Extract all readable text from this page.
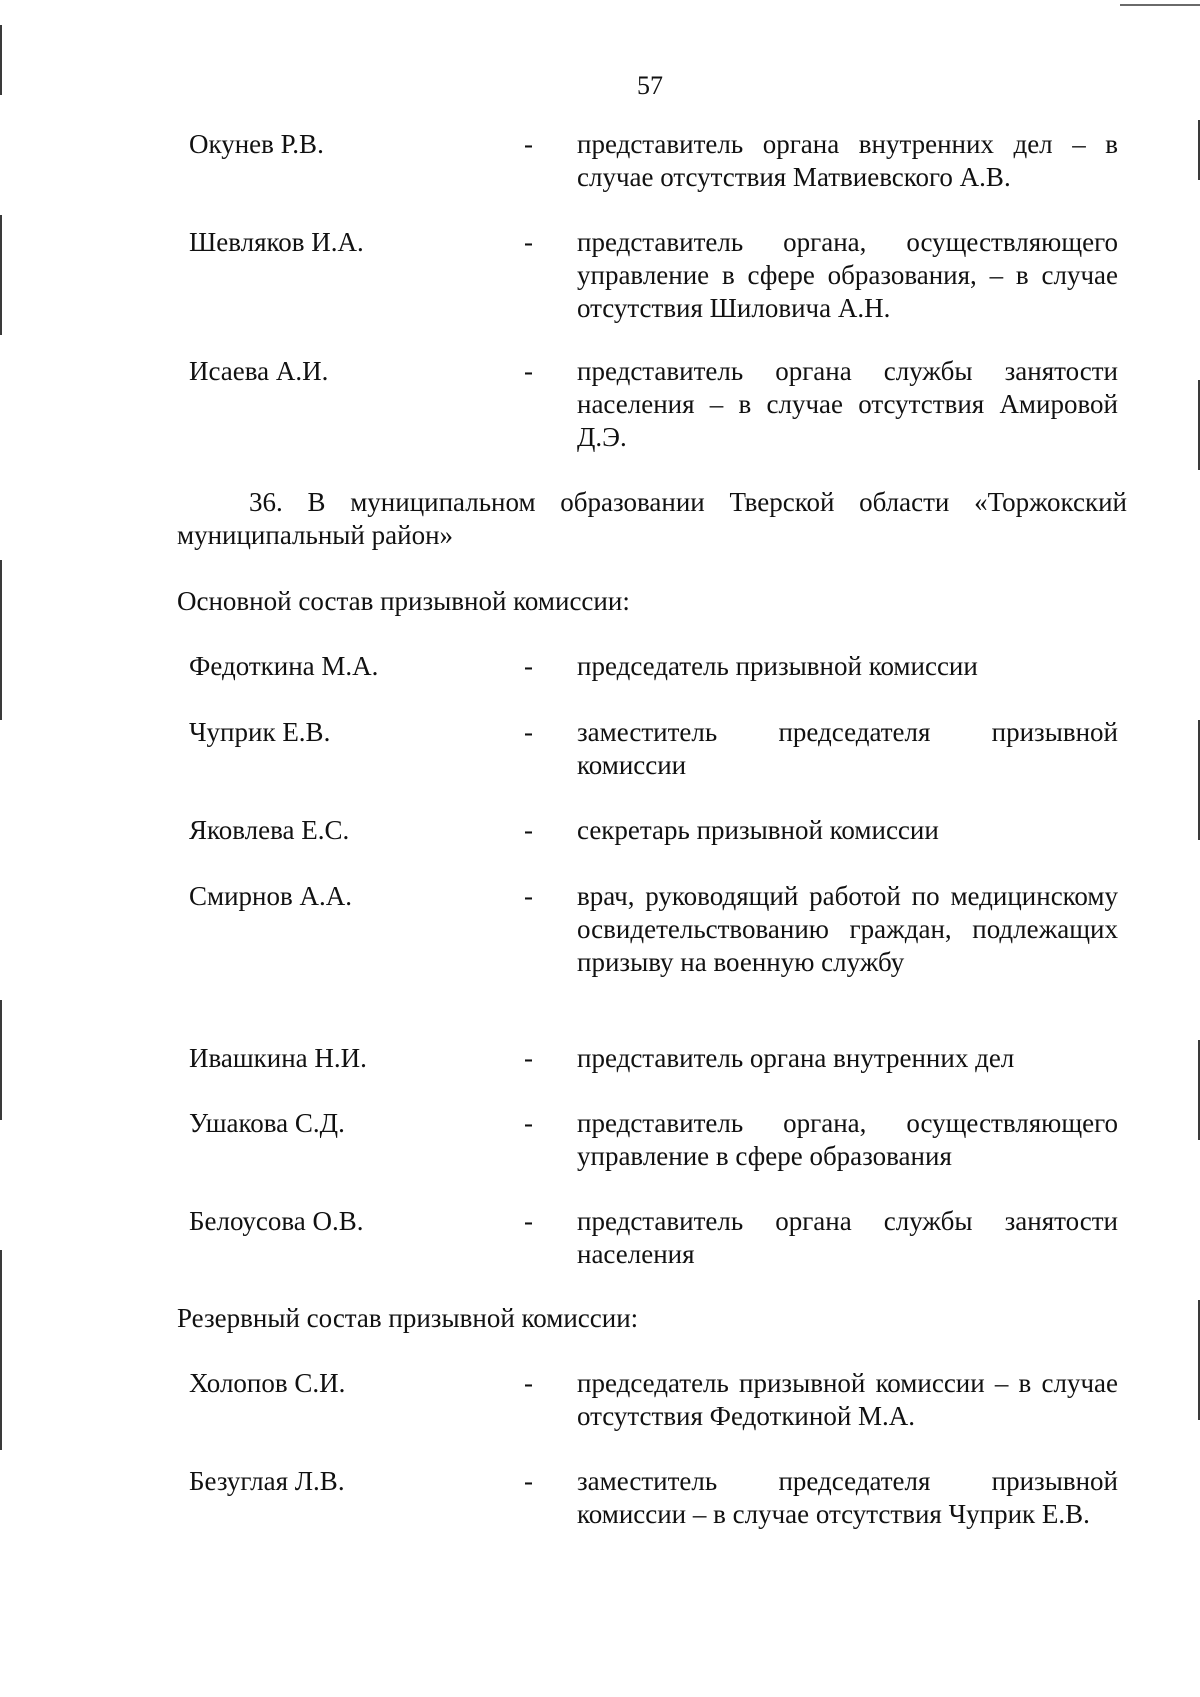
57
Окунев Р.В.	- представитель органа внутренних дел – в случае отсутствия Матвиевского А.В.
Шевляков И.А.	- представитель органа, осуществляющего управление в сфере образования, – в случае отсутствия Шиловича А.Н.
Исаева А.И.	- представитель органа службы занятости населения – в случае отсутствия Амировой Д.Э.
36. В муниципальном образовании Тверской области «Торжокский муниципальный район»
Основной состав призывной комиссии:
Федоткина М.А.	- председатель призывной комиссии
Чуприк Е.В.	- заместитель председателя призывной комиссии
Яковлева Е.С.	- секретарь призывной комиссии
Смирнов А.А.	- врач, руководящий работой по медицинскому освидетельствованию граждан, подлежащих призыву на военную службу
Ивашкина Н.И.	- представитель органа внутренних дел
Ушакова С.Д.	- представитель органа, осуществляющего управление в сфере образования
Белоусова О.В.	- представитель органа службы занятости населения
Резервный состав призывной комиссии:
Холопов С.И.	- председатель призывной комиссии – в случае отсутствия Федоткиной М.А.
Безуглая Л.В.	- заместитель председателя призывной комиссии – в случае отсутствия Чуприк Е.В.
